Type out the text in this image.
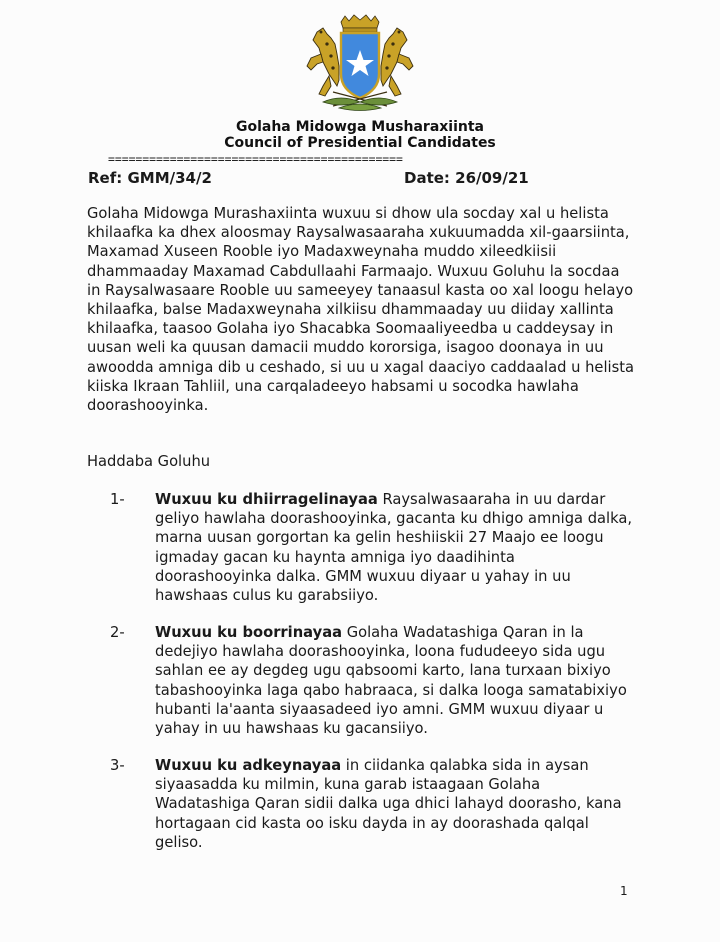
Golaha Midowga Musharaxiinta
Council of Presidential Candidates
===========================================
Ref: GMM/34/2	Date: 26/09/21

Golaha Midowga Murashaxiinta wuxuu si dhow ula socday xal u helista khilaafka ka dhex aloosmay Raysalwasaaraha xukuumadda xil-gaarsiinta, Maxamad Xuseen Rooble iyo Madaxweynaha muddo xileedkiisii dhammaaday Maxamad Cabdullaahi Farmaajo. Wuxuu Goluhu la socdaa in Raysalwasaare Rooble uu sameeyey tanaasul kasta oo xal loogu helayo khilaafka, balse Madaxweynaha xilkiisu dhammaaday uu diiday xallinta khilaafka, taasoo Golaha iyo Shacabka Soomaaliyeedba u caddeysay in uusan weli ka quusan damacii muddo kororsiga, isagoo doonaya in uu awoodda amniga dib u ceshado, si uu u xagal daaciyo caddaalad u helista kiiska Ikraan Tahliil, una carqaladeeyo habsami u socodka hawlaha doorashooyinka.

Haddaba Goluhu
1- Wuxuu ku dhiirragelinayaa Raysalwasaaraha in uu dardar geliyo hawlaha doorashooyinka, gacanta ku dhigo amniga dalka, marna uusan gorgortan ka gelin heshiiskii 27 Maajo ee loogu igmaday gacan ku haynta amniga iyo daadihinta doorashooyinka dalka. GMM wuxuu diyaar u yahay in uu hawshaas culus ku garabsiiyo.
2- Wuxuu ku boorrinayaa Golaha Wadatashiga Qaran in la dedejiyo hawlaha doorashooyinka, loona fududeeyo sida ugu sahlan ee ay degdeg ugu qabsoomi karto, lana turxaan bixiyo tabashooyinka laga qabo habraaca, si dalka looga samatabixiyo hubanti la'aanta siyaasadeed iyo amni. GMM wuxuu diyaar u yahay in uu hawshaas ku gacansiiyo.
3- Wuxuu ku adkeynayaa in ciidanka qalabka sida in aysan siyaasadda ku milmin, kuna garab istaagaan Golaha Wadatashiga Qaran sidii dalka uga dhici lahayd doorasho, kana hortagaan cid kasta oo isku dayda in ay doorashada qalqal geliso.
1
